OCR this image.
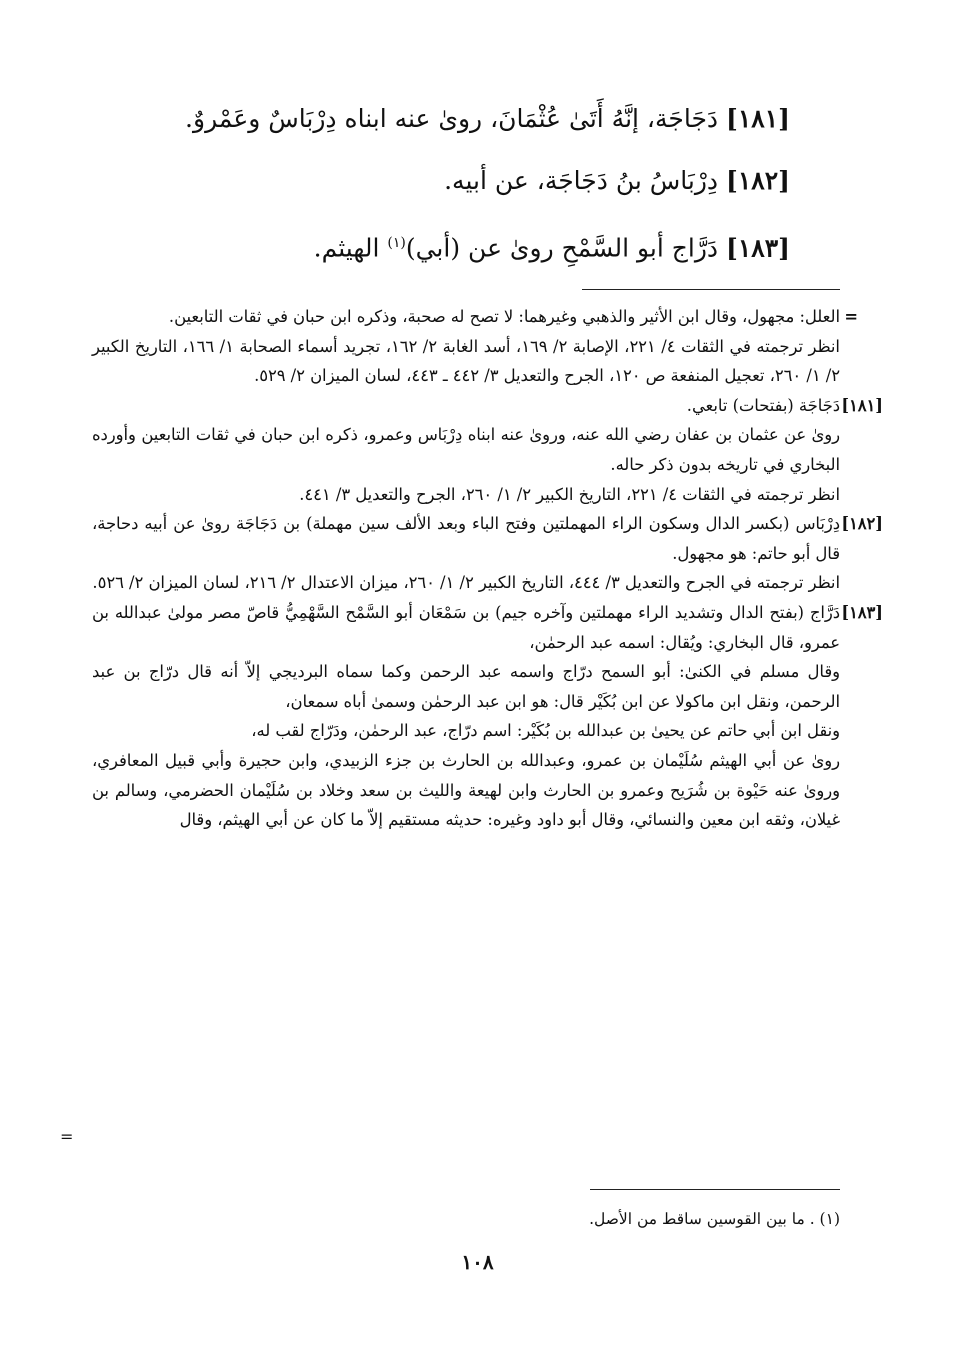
[١٨١] دَجَاجَة، إنَّهُ أَتَىٰ عُثْمَانَ، روىٰ عنه ابناه دِرْبَاسٌ وعَمْروٌ.
[١٨٢] دِرْبَاسُ بنُ دَجَاجَة، عن أبيه.
[١٨٣] دَرَّاج أبو السَّمْحِ روىٰ عن (أبي)$^{(١)}$ الهيثم.
=

العلل: مجهول، وقال ابن الأثير والذهبي وغيرهما: لا تصح له صحبة، وذكره ابن حبان في ثقات التابعين.

انظر ترجمته في الثقات ٤/ ٢٢١، الإصابة ٢/ ١٦٩، أسد الغابة ٢/ ١٦٢، تجريد أسماء الصحابة ١/ ١٦٦، التاريخ الكبير ٢/ ١/ ٢٦٠، تعجيل المنفعة ص ١٢٠، الجرح والتعديل ٣/ ٤٤٢ ـ ٤٤٣، لسان الميزان ٢/ ٥٢٩.

[١٨١]

دَجَاجَة (بفتحات) تابعي.

روىٰ عن عثمان بن عفان رضي الله عنه، وروىٰ عنه ابناه دِرْبَاس وعمرو، ذكره ابن حبان في ثقات التابعين وأورده البخاري في تاريخه بدون ذكر حاله.

انظر ترجمته في الثقات ٤/ ٢٢١، التاريخ الكبير ٢/ ١/ ٢٦٠، الجرح والتعديل ٣/ ٤٤١.

[١٨٢]

دِرْبَاس (بكسر الدال وسكون الراء المهملتين وفتح الباء وبعد الألف سين مهملة) بن دَجَاجَة روىٰ عن أبيه دحاجة، قال أبو حاتم: هو مجهول.

انظر ترجمته في الجرح والتعديل ٣/ ٤٤٤، التاريخ الكبير ٢/ ١/ ٢٦٠، ميزان الاعتدال ٢/ ٢١٦، لسان الميزان ٢/ ٥٢٦.

[١٨٣]

دَرَّاج (بفتح الدال وتشديد الراء مهملتين وآخره جيم) بن سَمْعَان أبو السَّمْح السَّهْمِيُّ قاصّ مصر مولىٰ عبدالله بن عمرو، قال البخاري: ويُقال: اسمه عبد الرحمٰن،

وقال مسلم في الكنىٰ: أبو السمح درّاج واسمه عبد الرحمن وكما سماه البرديجي إلاّ أنه قال درّاج بن عبد الرحمن، ونقل ابن ماكولا عن ابن بُكَيْر قال: هو ابن عبد الرحمٰن وسمىٰ أباه سمعان،

ونقل ابن أبي حاتم عن يحيىٰ بن عبدالله بن بُكَيْر: اسم درّاج، عبد الرحمٰن، ودَرّاج لقب له،

روىٰ عن أبي الهيثم سُلَيْمان بن عمرو، وعبدالله بن الحارث بن جزء الزبيدي، وابن حجيرة وأبي قبيل المعافري، وروىٰ عنه حَيْوة بن شُرَيح وعمرو بن الحارث وابن لهيعة والليث بن سعد وخلاد بن سُلَيْمان الحضرمي، وسالم بن غيلان، وثقه ابن معين والنسائي، وقال أبو داود وغيره: حديثه مستقيم إلاّ ما كان عن أبي الهيثم، وقال

=
(١) . ما بين القوسين ساقط من الأصل.
١٠٨
